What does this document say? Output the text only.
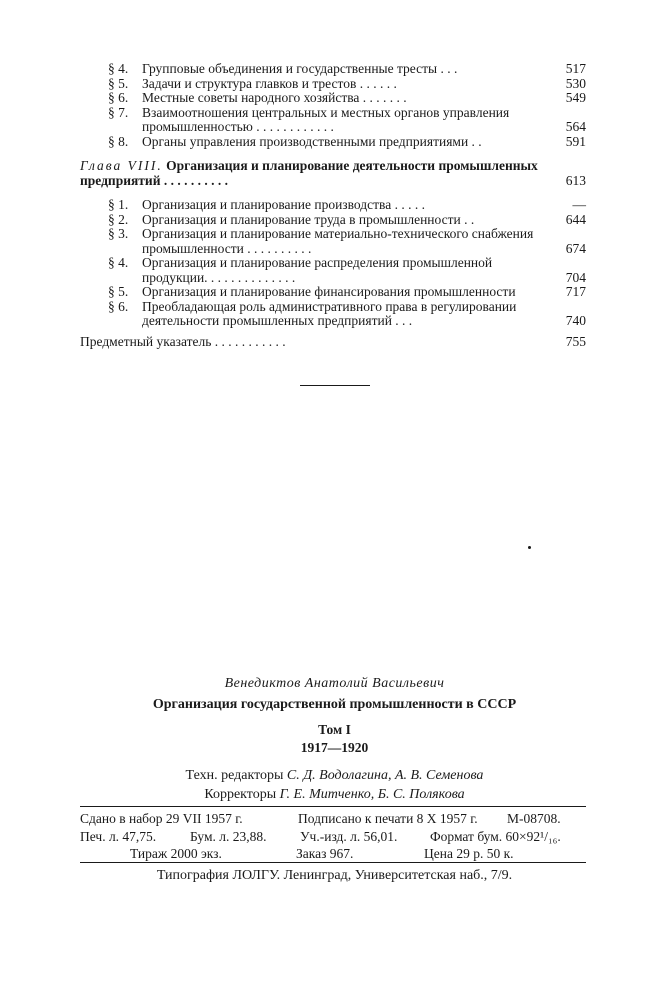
§ 4.	Групповые объединения и государственные тресты . . .	517
§ 5.	Задачи и структура главков и трестов . . . . . .	530
§ 6.	Местные советы народного хозяйства . . . . . . .	549
§ 7.	Взаимоотношения центральных и местных органов управления промышленностью . . . . . . . . . . . .	564
§ 8.	Органы управления производственными предприятиями . .	591
Глава VIII. Организация и планирование деятельности промышленных предприятий . . . . . . . . . .	613
§ 1.	Организация и планирование производства . . . . .	—
§ 2.	Организация и планирование труда в промышленности . .	644
§ 3.	Организация и планирование материально-технического снабжения промышленности . . . . . . . . . .	674
§ 4.	Организация и планирование распределения промышленной продукции. . . . . . . . . . . . . .	704
§ 5.	Организация и планирование финансирования промышленности	717
§ 6.	Преобладающая роль административного права в регулировании деятельности промышленных предприятий . . .	740
Предметный указатель . . . . . . . . . . .	755
Венедиктов Анатолий Васильевич
Организация государственной промышленности в СССР
Том I
1917—1920
Техн. редакторы С. Д. Водолагина, А. В. Семенова
Корректоры Г. Е. Митченко, Б. С. Полякова
Сдано в набор 29 VII 1957 г.	Подписано к печати 8 X 1957 г. М-08708.
Печ. л. 47,75.	Бум. л. 23,88. Уч.-изд. л. 56,01. Формат бум. 60×92¹/₁₆.
Тираж 2000 экз.	Заказ 967.	Цена 29 р. 50 к.
Типография ЛОЛГУ. Ленинград, Университетская наб., 7/9.
